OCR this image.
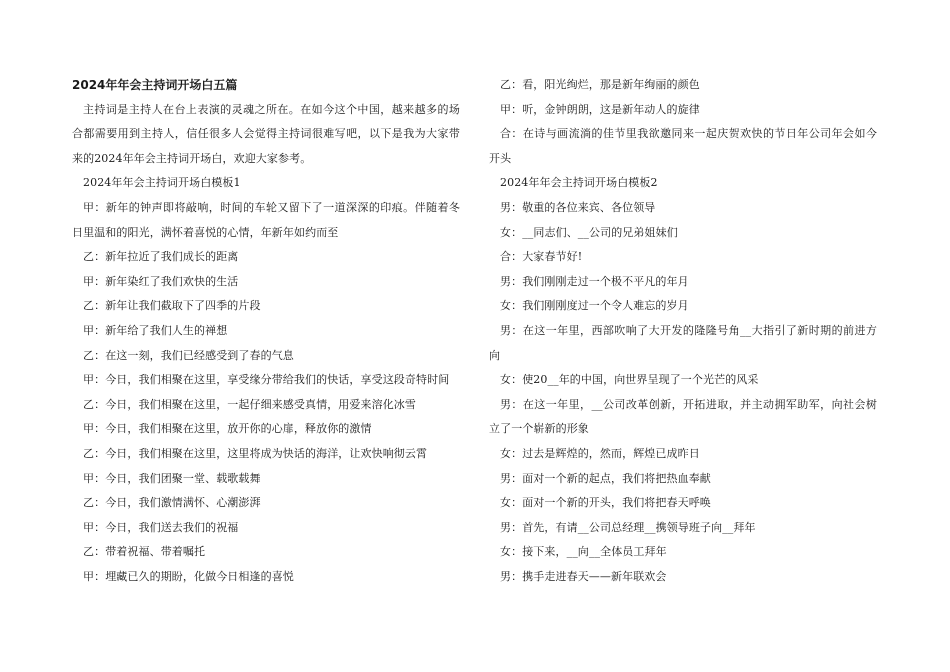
2024年年会主持词开场白五篇

主持词是主持人在台上表演的灵魂之所在。在如今这个中国，越来越多的场合都需要用到主持人，信任很多人会觉得主持词很难写吧，以下是我为大家带来的2024年年会主持词开场白，欢迎大家参考。

2024年年会主持词开场白模板1

甲：新年的钟声即将敲响，时间的车轮又留下了一道深深的印痕。伴随着冬日里温和的阳光，满怀着喜悦的心情，年新年如约而至

乙：新年拉近了我们成长的距离

甲：新年染红了我们欢快的生活

乙：新年让我们截取下了四季的片段

甲：新年给了我们人生的禅想

乙：在这一刻，我们已经感受到了春的气息

甲：今日，我们相聚在这里，享受缘分带给我们的快话，享受这段奇特时间

乙：今日，我们相聚在这里，一起仔细来感受真情，用爱来溶化冰雪

甲：今日，我们相聚在这里，放开你的心扉，释放你的激情

乙：今日，我们相聚在这里，这里将成为快话的海洋，让欢快响彻云霄

甲：今日，我们团聚一堂、载歌载舞

乙：今日，我们激情满怀、心潮澎湃

甲：今日，我们送去我们的祝福

乙：带着祝福、带着嘱托

甲：埋藏已久的期盼，化做今日相逢的喜悦

乙：看，阳光绚烂，那是新年绚丽的颜色

甲：听，金钟朗朗，这是新年动人的旋律

合：在诗与画流淌的佳节里我欲邀同来一起庆贺欢快的节日年公司年会如今开头

2024年年会主持词开场白模板2

男：敬重的各位来宾、各位领导

女：__同志们、__公司的兄弟姐妹们

合：大家春节好!

男：我们刚刚走过一个极不平凡的年月

女：我们刚刚度过一个令人难忘的岁月

男：在这一年里，西部吹响了大开发的隆隆号角__大指引了新时期的前进方向

女：使20__年的中国，向世界呈现了一个光芒的风采

男：在这一年里，__公司改革创新，开拓进取，并主动拥军助军，向社会树立了一个崭新的形象

女：过去是辉煌的，然而，辉煌已成昨日

男：面对一个新的起点，我们将把热血奉献

女：面对一个新的开头，我们将把春天呼唤

男：首先，有请__公司总经理__携领导班子向__拜年

女：接下来，__向__全体员工拜年

男：携手走进春天——新年联欢会
